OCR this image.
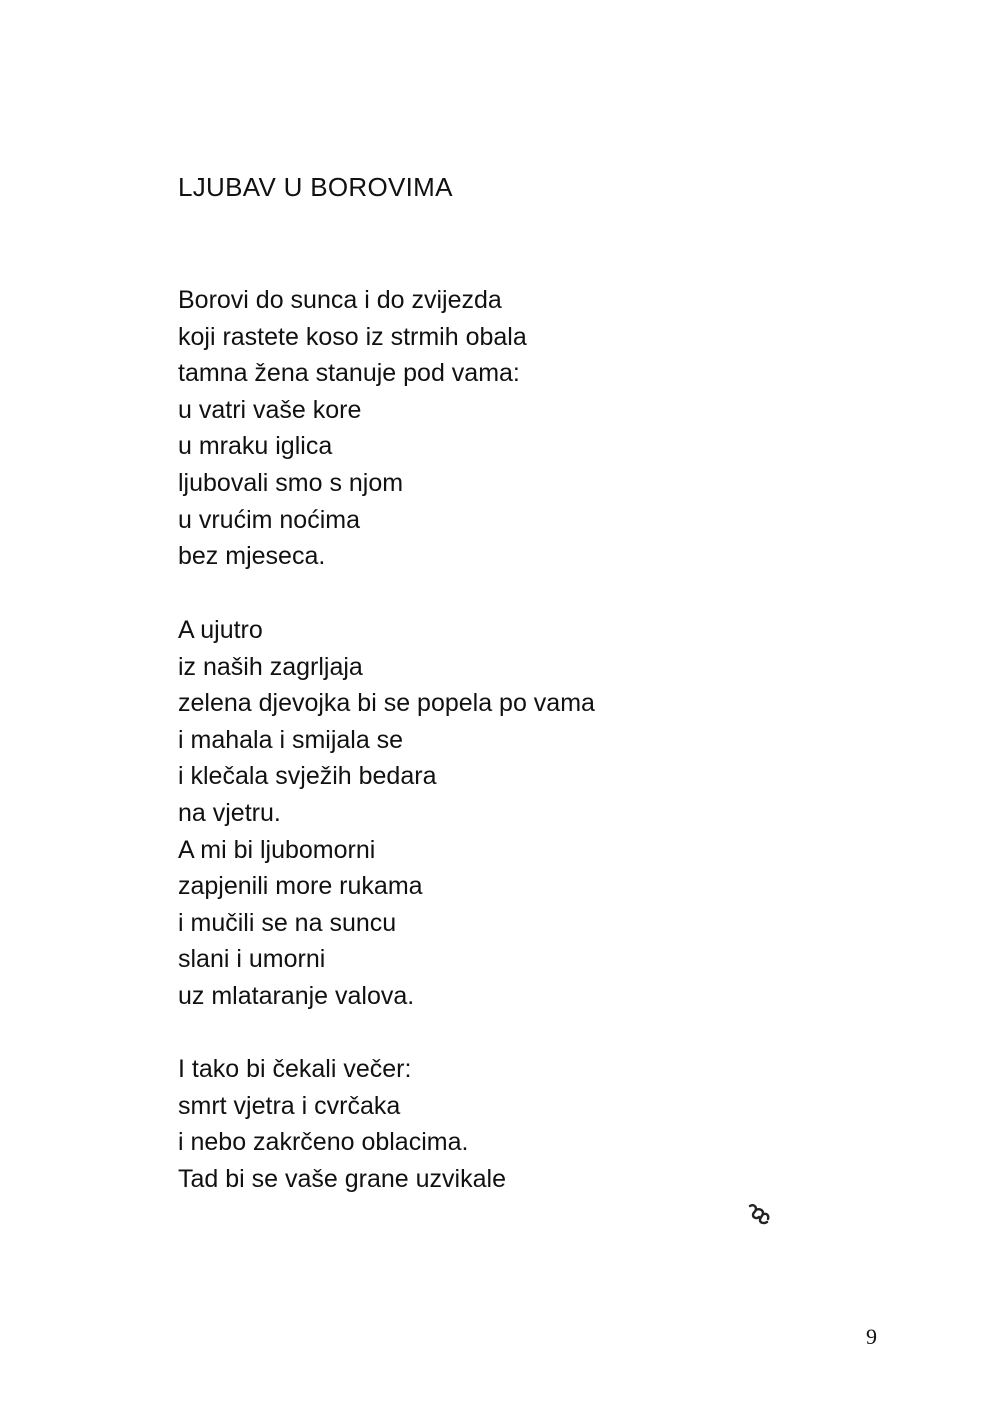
LJUBAV U BOROVIMA
Borovi do sunca i do zvijezda
koji rastete koso iz strmih obala
tamna žena stanuje pod vama:
u vatri vaše kore
u mraku iglica
ljubovali smo s njom
u vrućim noćima
bez mjeseca.
A ujutro
iz naših zagrljaja
zelena djevojka bi se popela po vama
i mahala i smijala se
i klečala svježih bedara
na vjetru.
A mi bi ljubomorni
zapjenili more rukama
i mučili se na suncu
slani i umorni
uz mlataranje valova.
I tako bi čekali večer:
smrt vjetra i cvrčaka
i nebo zakrčeno oblacima.
Tad bi se vaše grane uzvikale
9
